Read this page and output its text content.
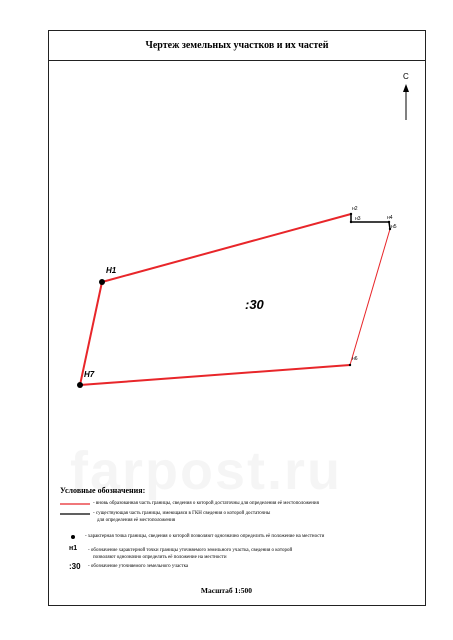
Чертеж земельных участков и их частей
С
Н1
Н7
н2
н3	н4
н5
н6
:30
Условные обозначения:
- вновь образованная часть границы, сведения о которой достаточны для определения её местоположения
- существующая часть границы, имеющаяся в ГКН сведения о которой достаточны
для определения её местоположения
- характерная точка границы, сведения о которой позволяют однозначно определить её положение на местности
н1 - обозначение характерной точки границы уточняемого земельного участка, сведения о которой
позволяют однозначно определить её положение на местности
:30 - обозначение уточняемого земельного участка
Масштаб 1:500
